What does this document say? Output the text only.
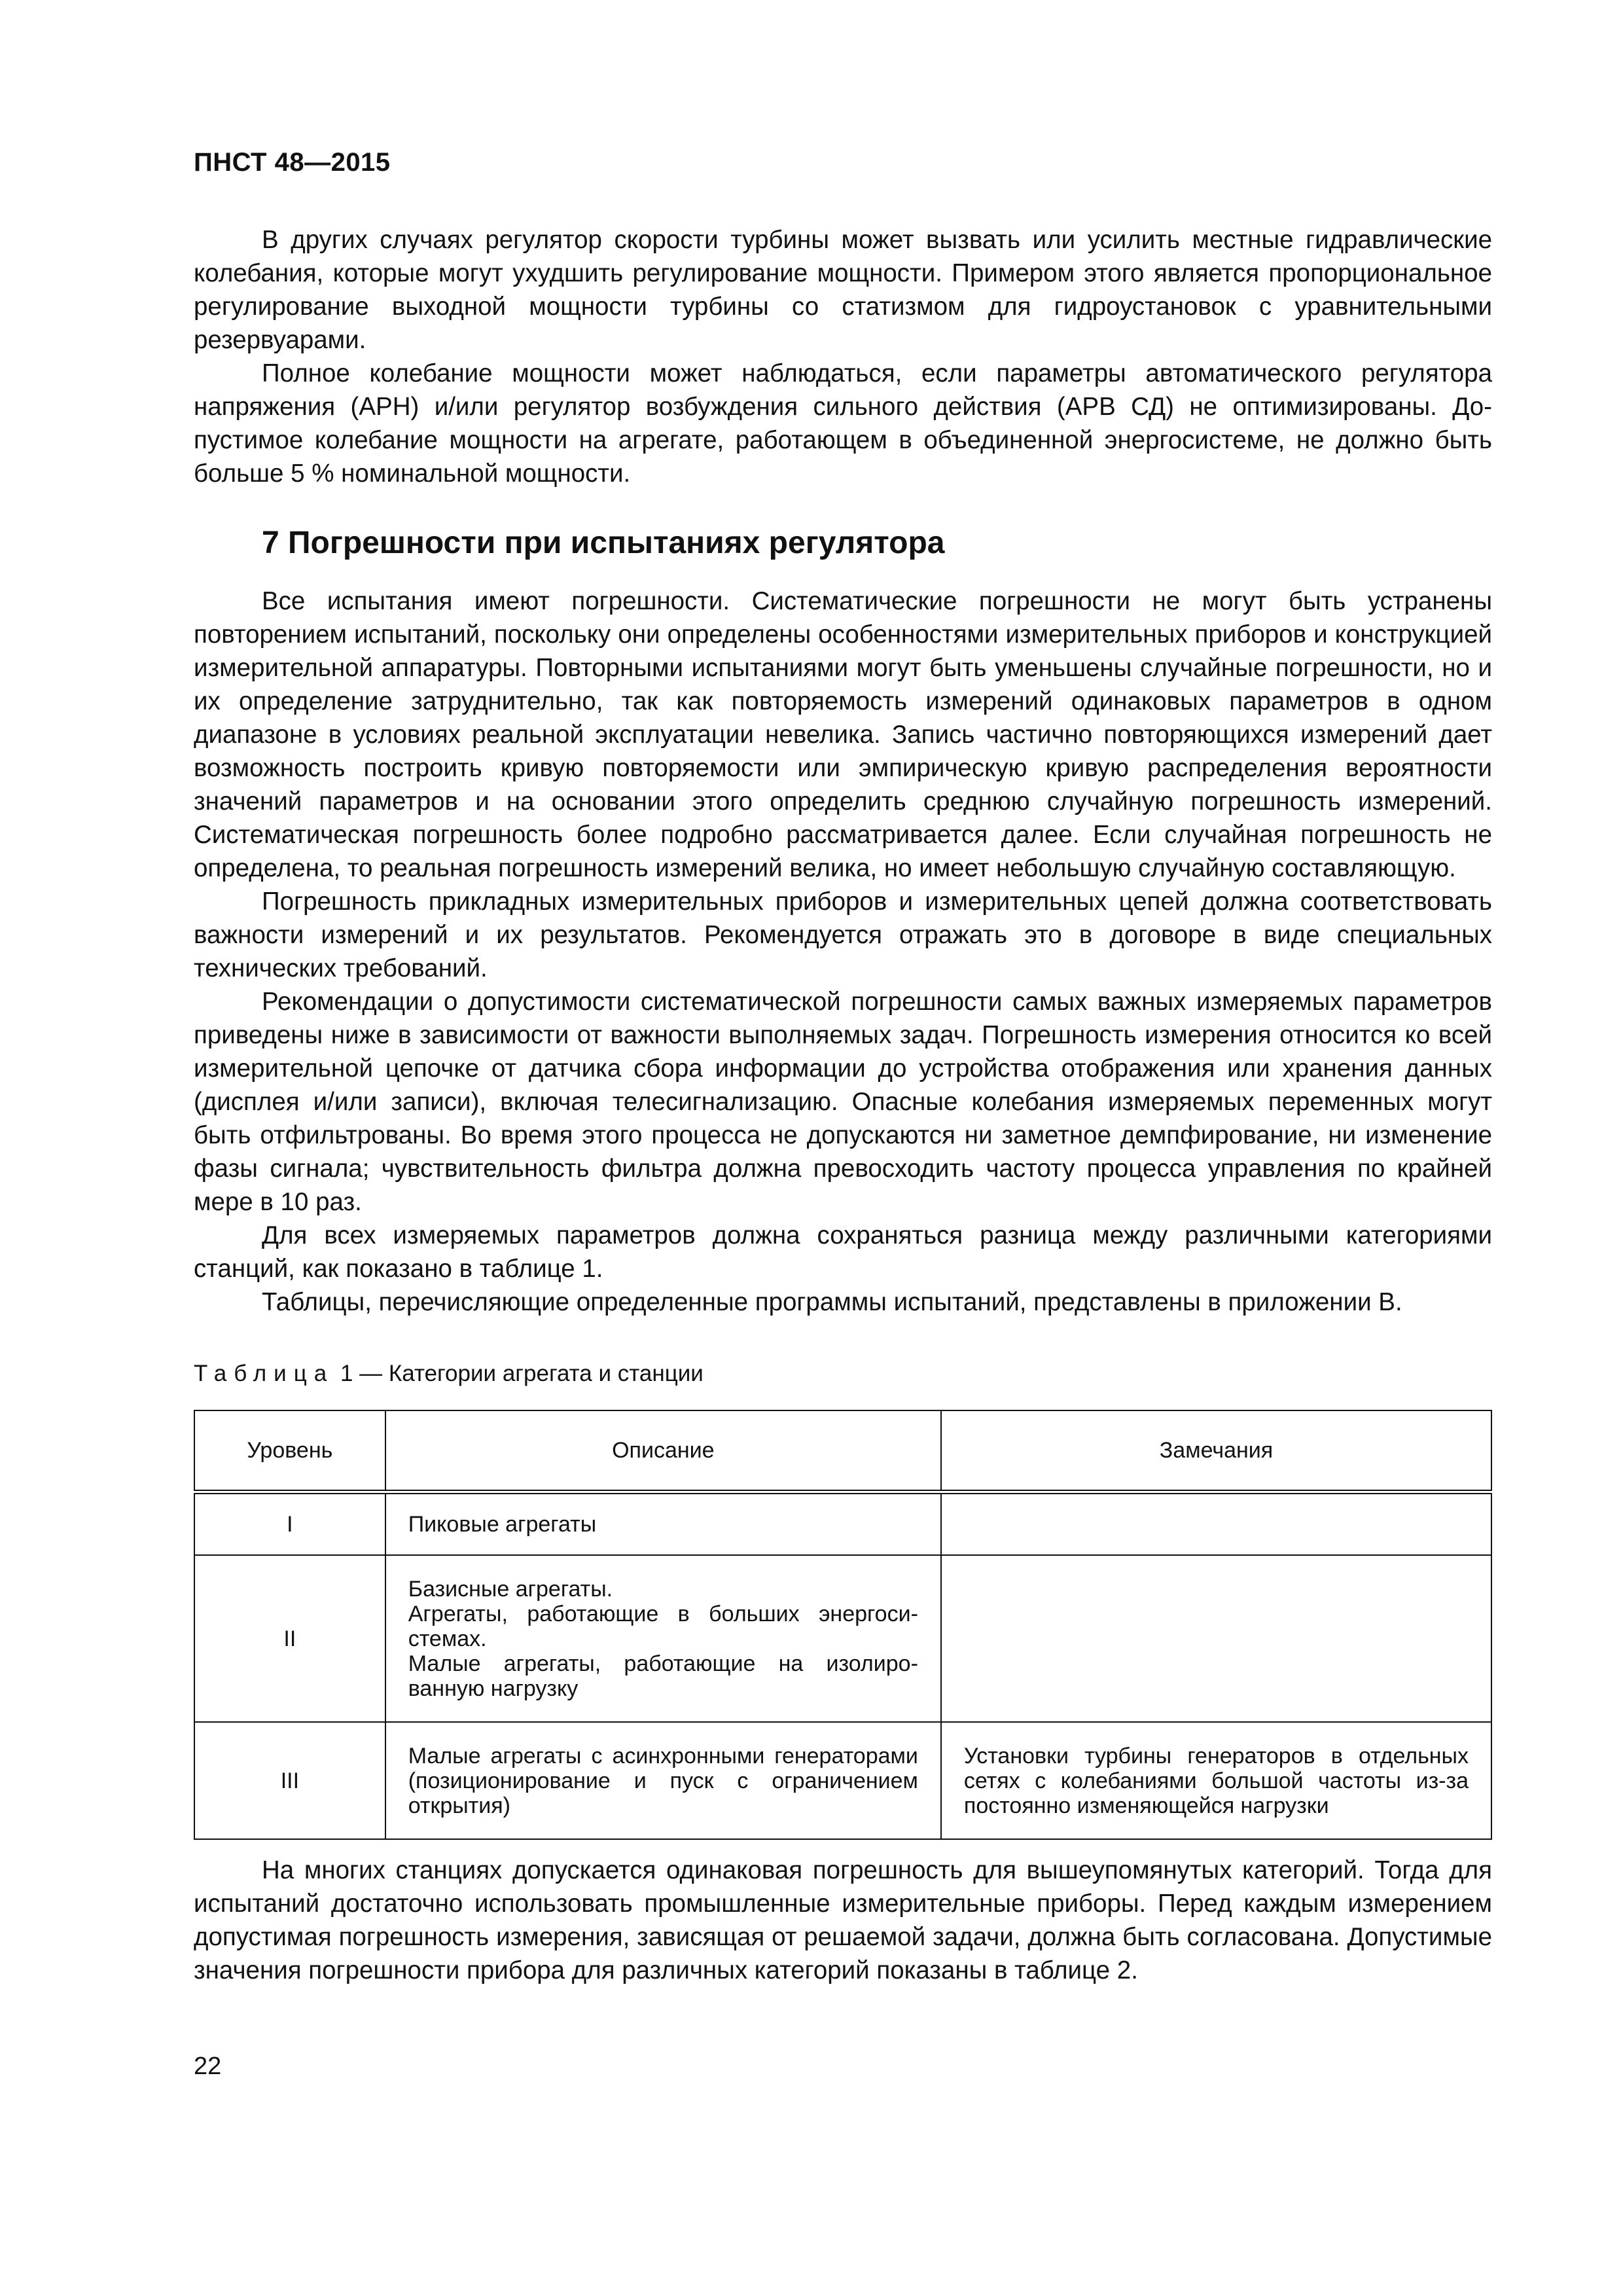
ПНСТ 48—2015

В других случаях регулятор скорости турбины может вызвать или усилить местные гидравлические колебания, которые могут ухудшить регулирование мощности. Примером этого является пропорциональное регулирование выходной мощности турбины со статизмом для гидроустановок с уравнительными резервуарами.

Полное колебание мощности может наблюдаться, если параметры автоматического регулятора напряжения (АРН) и/или регулятор возбуждения сильного действия (АРВ СД) не оптимизированы. Допустимое колебание мощности на агрегате, работающем в объединенной энергосистеме, не должно быть больше 5 % номинальной мощности.

7 Погрешности при испытаниях регулятора

Все испытания имеют погрешности. Систематические погрешности не могут быть устранены повторением испытаний, поскольку они определены особенностями измерительных приборов и конструкцией измерительной аппаратуры. Повторными испытаниями могут быть уменьшены случайные погрешности, но и их определение затруднительно, так как повторяемость измерений одинаковых параметров в одном диапазоне в условиях реальной эксплуатации невелика. Запись частично повторяющихся измерений дает возможность построить кривую повторяемости или эмпирическую кривую распределения вероятности значений параметров и на основании этого определить среднюю случайную погрешность измерений. Систематическая погрешность более подробно рассматривается далее. Если случайная погрешность не определена, то реальная погрешность измерений велика, но имеет небольшую случайную составляющую.

Погрешность прикладных измерительных приборов и измерительных цепей должна соответствовать важности измерений и их результатов. Рекомендуется отражать это в договоре в виде специальных технических требований.

Рекомендации о допустимости систематической погрешности самых важных измеряемых параметров приведены ниже в зависимости от важности выполняемых задач. Погрешность измерения относится ко всей измерительной цепочке от датчика сбора информации до устройства отображения или хранения данных (дисплея и/или записи), включая телесигнализацию. Опасные колебания измеряемых переменных могут быть отфильтрованы. Во время этого процесса не допускаются ни заметное демпфирование, ни изменение фазы сигнала; чувствительность фильтра должна превосходить частоту процесса управления по крайней мере в 10 раз.

Для всех измеряемых параметров должна сохраняться разница между различными категориями станций, как показано в таблице 1.

Таблицы, перечисляющие определенные программы испытаний, представлены в приложении В.

Таблица 1 — Категории агрегата и станции
Уровень	Описание	Замечания
I	Пиковые агрегаты	

II	Базисные агрегаты.
Агрегаты, работающие в больших энергосистемах.
Малые агрегаты, работающие на изолированную нагрузку	

III	Малые агрегаты с асинхронными генераторами (позиционирование и пуск с ограничением открытия)	Установки турбины генераторов в отдельных сетях с колебаниями большой частоты из-за постоянно изменяющейся нагрузки

На многих станциях допускается одинаковая погрешность для вышеупомянутых категорий. Тогда для испытаний достаточно использовать промышленные измерительные приборы. Перед каждым измерением допустимая погрешность измерения, зависящая от решаемой задачи, должна быть согласована. Допустимые значения погрешности прибора для различных категорий показаны в таблице 2.

22
